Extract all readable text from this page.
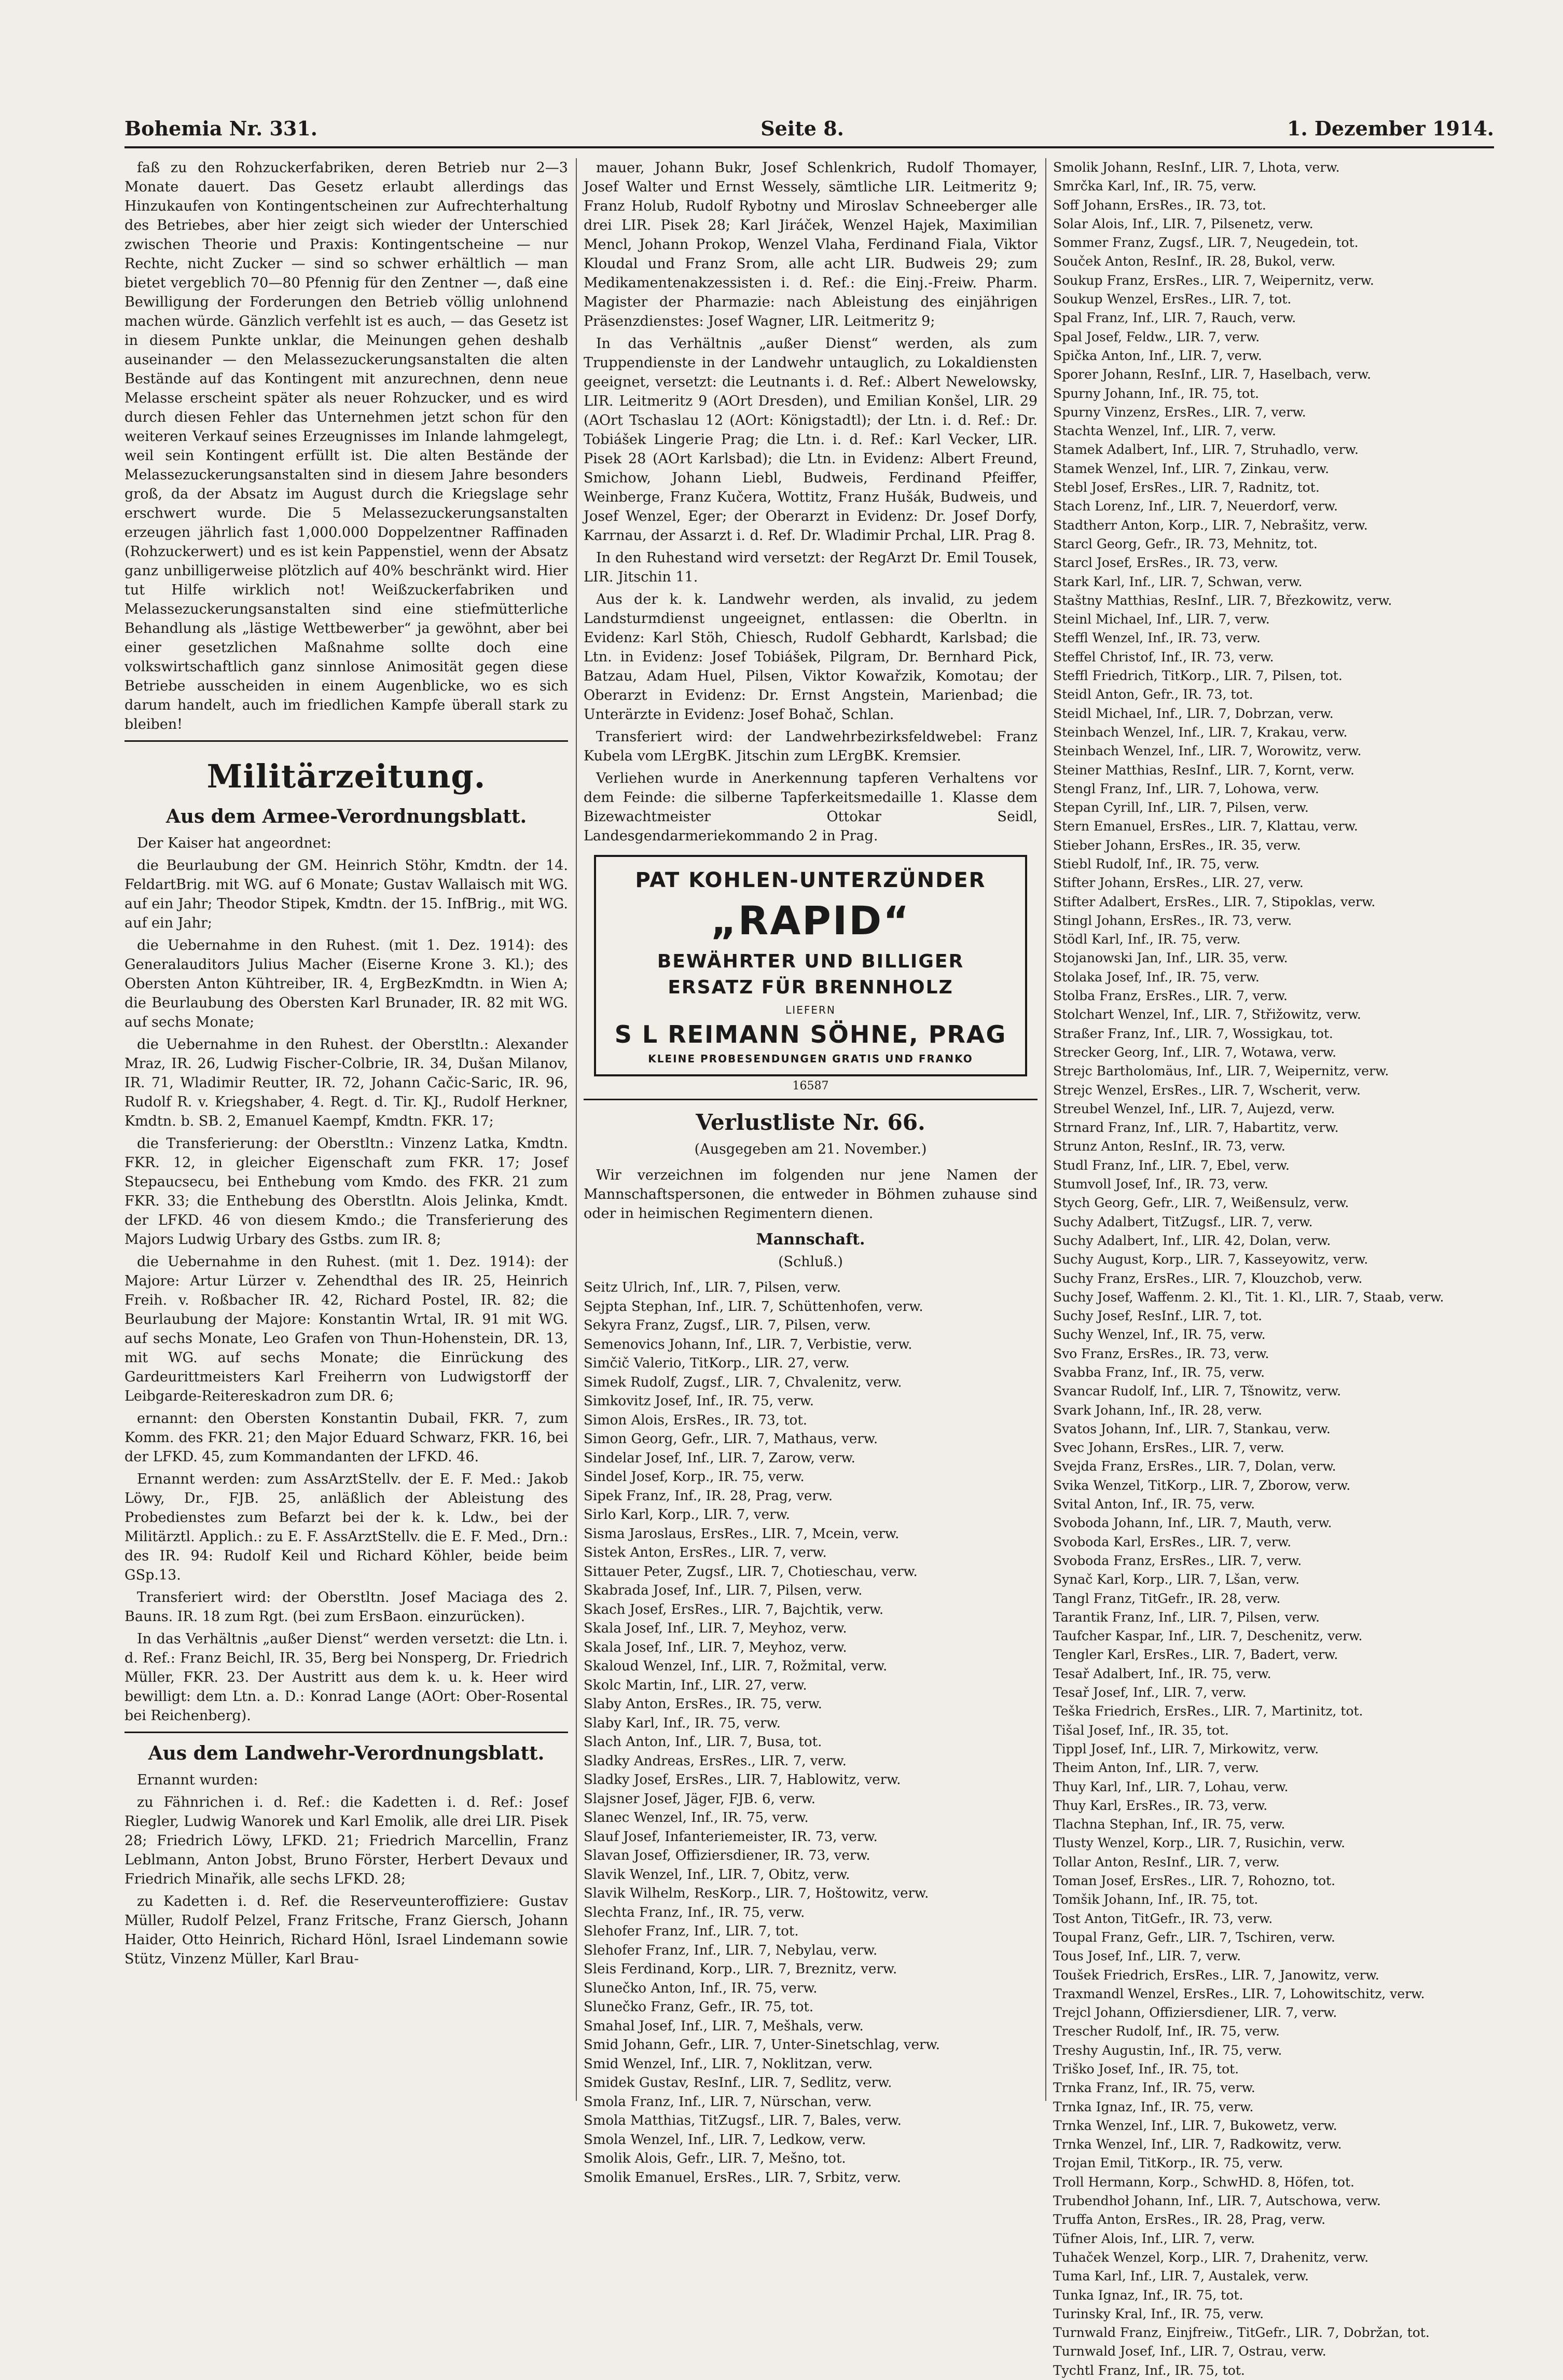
Bohemia Nr. 331.	Seite 8.	1. Dezember 1914.

faß zu den Rohzuckerfabriken, deren Betrieb nur 2—3 Monate dauert. Das Gesetz erlaubt allerdings das Hinzukaufen von Kontingentscheinen zur Aufrechterhaltung des Betriebes, aber hier zeigt sich wieder der Unterschied zwischen Theorie und Praxis: Kontingentscheine — nur Rechte, nicht Zucker — sind so schwer erhältlich — man bietet vergeblich 70—80 Pfennig für den Zentner —, daß eine Bewilligung der Forderungen den Betrieb völlig unlohnend machen würde. Gänzlich verfehlt ist es auch, — das Gesetz ist in diesem Punkte unklar, die Meinungen gehen deshalb auseinander — den Melassezuckerungsanstalten die alten Bestände auf das Kontingent mit anzurechnen, denn neue Melasse erscheint später als neuer Rohzucker, und es wird durch diesen Fehler das Unternehmen jetzt schon für den weiteren Verkauf seines Erzeugnisses im Inlande lahmgelegt, weil sein Kontingent erfüllt ist. Die alten Bestände der Melassezuckerungsanstalten sind in diesem Jahre besonders groß, da der Absatz im August durch die Kriegslage sehr erschwert wurde. Die 5 Melassezuckerungsanstalten erzeugen jährlich fast 1,000.000 Doppelzentner Raffinaden (Rohzuckerwert) und es ist kein Pappenstiel, wenn der Absatz ganz unbilligerweise plötzlich auf 40% beschränkt wird. Hier tut Hilfe wirklich not! Weißzuckerfabriken und Melassezuckerungsanstalten sind eine stiefmütterliche Behandlung als „lästige Wettbewerber“ ja gewöhnt, aber bei einer gesetzlichen Maßnahme sollte doch eine volkswirtschaftlich ganz sinnlose Animosität gegen diese Betriebe ausscheiden in einem Augenblicke, wo es sich darum handelt, auch im friedlichen Kampfe überall stark zu bleiben!

Militärzeitung.
Aus dem Armee-Verordnungsblatt.

Der Kaiser hat angeordnet:

die Beurlaubung der GM. Heinrich Stöhr, Kmdtn. der 14. FeldartBrig. mit WG. auf 6 Monate; Gustav Wallaisch mit WG. auf ein Jahr; Theodor Stipek, Kmdtn. der 15. InfBrig., mit WG. auf ein Jahr;

die Uebernahme in den Ruhest. (mit 1. Dez. 1914): des Generalauditors Julius Macher (Eiserne Krone 3. Kl.); des Obersten Anton Kühtreiber, IR. 4, ErgBezKmdtn. in Wien A; die Beurlaubung des Obersten Karl Brunader, IR. 82 mit WG. auf sechs Monate;

die Uebernahme in den Ruhest. der Oberstltn.: Alexander Mraz, IR. 26, Ludwig Fischer-Colbrie, IR. 34, Dušan Milanov, IR. 71, Wladimir Reutter, IR. 72, Johann Cačic-Saric, IR. 96, Rudolf R. v. Kriegshaber, 4. Regt. d. Tir. KJ., Rudolf Herkner, Kmdtn. b. SB. 2, Emanuel Kaempf, Kmdtn. FKR. 17;

die Transferierung: der Oberstltn.: Vinzenz Latka, Kmdtn. FKR. 12, in gleicher Eigenschaft zum FKR. 17; Josef Stepaucsecu, bei Enthebung vom Kmdo. des FKR. 21 zum FKR. 33; die Enthebung des Oberstltn. Alois Jelinka, Kmdt. der LFKD. 46 von diesem Kmdo.; die Transferierung des Majors Ludwig Urbary des Gstbs. zum IR. 8;

die Uebernahme in den Ruhest. (mit 1. Dez. 1914): der Majore: Artur Lürzer v. Zehendthal des IR. 25, Heinrich Freih. v. Roßbacher IR. 42, Richard Postel, IR. 82; die Beurlaubung der Majore: Konstantin Wrtal, IR. 91 mit WG. auf sechs Monate, Leo Grafen von Thun-Hohenstein, DR. 13, mit WG. auf sechs Monate; die Einrückung des Gardeurittmeisters Karl Freiherrn von Ludwigstorff der Leibgarde-Reitereskadron zum DR. 6;

ernannt: den Obersten Konstantin Dubail, FKR. 7, zum Komm. des FKR. 21; den Major Eduard Schwarz, FKR. 16, bei der LFKD. 45, zum Kommandanten der LFKD. 46.

Ernannt werden: zum AssArztStellv. der E. F. Med.: Jakob Löwy, Dr., FJB. 25, anläßlich der Ableistung des Probedienstes zum Befarzt bei der k. k. Ldw., bei der Militärztl. Applich.: zu E. F. AssArztStellv. die E. F. Med., Drn.: des IR. 94: Rudolf Keil und Richard Köhler, beide beim GSp.13.

Transferiert wird: der Oberstltn. Josef Maciaga des 2. Bauns. IR. 18 zum Rgt. (bei zum ErsBaon. einzurücken).

In das Verhältnis „außer Dienst“ werden versetzt: die Ltn. i. d. Ref.: Franz Beichl, IR. 35, Berg bei Nonsperg, Dr. Friedrich Müller, FKR. 23. Der Austritt aus dem k. u. k. Heer wird bewilligt: dem Ltn. a. D.: Konrad Lange (AOrt: Ober-Rosental bei Reichenberg).

Aus dem Landwehr-Verordnungsblatt.

Ernannt wurden:

zu Fähnrichen i. d. Ref.: die Kadetten i. d. Ref.: Josef Riegler, Ludwig Wanorek und Karl Emolik, alle drei LIR. Pisek 28; Friedrich Löwy, LFKD. 21; Friedrich Marcellin, Franz Leblmann, Anton Jobst, Bruno Förster, Herbert Devaux und Friedrich Minařik, alle sechs LFKD. 28;

zu Kadetten i. d. Ref. die Reserveunteroffiziere: Gustav Müller, Rudolf Pelzel, Franz Fritsche, Franz Giersch, Johann Haider, Otto Heinrich, Richard Hönl, Israel Lindemann sowie Stütz, Vinzenz Müller, Karl Brau-

mauer, Johann Bukr, Josef Schlenkrich, Rudolf Thomayer, Josef Walter und Ernst Wessely, sämtliche LIR. Leitmeritz 9; Franz Holub, Rudolf Rybotny und Miroslav Schneeberger alle drei LIR. Pisek 28; Karl Jiráček, Wenzel Hajek, Maximilian Mencl, Johann Prokop, Wenzel Vlaha, Ferdinand Fiala, Viktor Kloudal und Franz Srom, alle acht LIR. Budweis 29; zum Medikamentenakzessisten i. d. Ref.: die Einj.-Freiw. Pharm. Magister der Pharmazie: nach Ableistung des einjährigen Präsenzdienstes: Josef Wagner, LIR. Leitmeritz 9;

In das Verhältnis „außer Dienst“ werden, als zum Truppendienste in der Landwehr untauglich, zu Lokaldiensten geeignet, versetzt: die Leutnants i. d. Ref.: Albert Newelowsky, LIR. Leitmeritz 9 (AOrt Dresden), und Emilian Konšel, LIR. 29 (AOrt Tschaslau 12 (AOrt: Königstadtl); der Ltn. i. d. Ref.: Dr. Tobiášek Lingerie Prag; die Ltn. i. d. Ref.: Karl Vecker, LIR. Pisek 28 (AOrt Karlsbad); die Ltn. in Evidenz: Albert Freund, Smichow, Johann Liebl, Budweis, Ferdinand Pfeiffer, Weinberge, Franz Kučera, Wottitz, Franz Hušák, Budweis, und Josef Wenzel, Eger; der Oberarzt in Evidenz: Dr. Josef Dorfy, Karrnau, der Assarzt i. d. Ref. Dr. Wladimir Prchal, LIR. Prag 8.

In den Ruhestand wird versetzt: der RegArzt Dr. Emil Tousek, LIR. Jitschin 11.

Aus der k. k. Landwehr werden, als invalid, zu jedem Landsturmdienst ungeeignet, entlassen: die Oberltn. in Evidenz: Karl Stöh, Chiesch, Rudolf Gebhardt, Karlsbad; die Ltn. in Evidenz: Josef Tobiášek, Pilgram, Dr. Bernhard Pick, Batzau, Adam Huel, Pilsen, Viktor Kowařzik, Komotau; der Oberarzt in Evidenz: Dr. Ernst Angstein, Marienbad; die Unterärzte in Evidenz: Josef Bohač, Schlan.

Transferiert wird: der Landwehrbezirksfeldwebel: Franz Kubela vom LErgBK. Jitschin zum LErgBK. Kremsier.

Verliehen wurde in Anerkennung tapferen Verhaltens vor dem Feinde: die silberne Tapferkeitsmedaille 1. Klasse dem Bizewachtmeister Ottokar Seidl, Landesgendarmeriekommando 2 in Prag.

PAT KOHLEN-UNTERZÜNDER
„RAPID“
BEWÄHRTER UND BILLIGER
ERSATZ FÜR BRENNHOLZ
LIEFERN
S L REIMANN SÖHNE, PRAG
KLEINE PROBESENDUNGEN GRATIS UND FRANKO
16587
Verlustliste Nr. 66.
(Ausgegeben am 21. November.)

Wir verzeichnen im folgenden nur jene Namen der Mannschaftspersonen, die entweder in Böhmen zuhause sind oder in heimischen Regimentern dienen.

Mannschaft.
(Schluß.)
Seitz Ulrich, Inf., LIR. 7, Pilsen, verw.
Sejpta Stephan, Inf., LIR. 7, Schüttenhofen, verw.
Sekyra Franz, Zugsf., LIR. 7, Pilsen, verw.
Semenovics Johann, Inf., LIR. 7, Verbistie, verw.
Simčič Valerio, TitKorp., LIR. 27, verw.
Simek Rudolf, Zugsf., LIR. 7, Chvalenitz, verw.
Simkovitz Josef, Inf., IR. 75, verw.
Simon Alois, ErsRes., IR. 73, tot.
Simon Georg, Gefr., LIR. 7, Mathaus, verw.
Sindelar Josef, Inf., LIR. 7, Zarow, verw.
Sindel Josef, Korp., IR. 75, verw.
Sipek Franz, Inf., IR. 28, Prag, verw.
Sirlo Karl, Korp., LIR. 7, verw.
Sisma Jaroslaus, ErsRes., LIR. 7, Mcein, verw.
Sistek Anton, ErsRes., LIR. 7, verw.
Sittauer Peter, Zugsf., LIR. 7, Chotieschau, verw.
Skabrada Josef, Inf., LIR. 7, Pilsen, verw.
Skach Josef, ErsRes., LIR. 7, Bajchtik, verw.
Skala Josef, Inf., LIR. 7, Meyhoz, verw.
Skala Josef, Inf., LIR. 7, Meyhoz, verw.
Skaloud Wenzel, Inf., LIR. 7, Rožmital, verw.
Skolc Martin, Inf., LIR. 27, verw.
Slaby Anton, ErsRes., IR. 75, verw.
Slaby Karl, Inf., IR. 75, verw.
Slach Anton, Inf., LIR. 7, Busa, tot.
Sladky Andreas, ErsRes., LIR. 7, verw.
Sladky Josef, ErsRes., LIR. 7, Hablowitz, verw.
Slajsner Josef, Jäger, FJB. 6, verw.
Slanec Wenzel, Inf., IR. 75, verw.
Slauf Josef, Infanteriemeister, IR. 73, verw.
Slavan Josef, Offiziersdiener, IR. 73, verw.
Slavik Wenzel, Inf., LIR. 7, Obitz, verw.
Slavik Wilhelm, ResKorp., LIR. 7, Hoštowitz, verw.
Slechta Franz, Inf., IR. 75, verw.
Slehofer Franz, Inf., LIR. 7, tot.
Slehofer Franz, Inf., LIR. 7, Nebylau, verw.
Sleis Ferdinand, Korp., LIR. 7, Breznitz, verw.
Slunečko Anton, Inf., IR. 75, verw.
Slunečko Franz, Gefr., IR. 75, tot.
Smahal Josef, Inf., LIR. 7, Mešhals, verw.
Smid Johann, Gefr., LIR. 7, Unter-Sinetschlag, verw.
Smid Wenzel, Inf., LIR. 7, Noklitzan, verw.
Smidek Gustav, ResInf., LIR. 7, Sedlitz, verw.
Smola Franz, Inf., LIR. 7, Nürschan, verw.
Smola Matthias, TitZugsf., LIR. 7, Bales, verw.
Smola Wenzel, Inf., LIR. 7, Ledkow, verw.
Smolik Alois, Gefr., LIR. 7, Mešno, tot.
Smolik Emanuel, ErsRes., LIR. 7, Srbitz, verw.
Smolik Johann, ResInf., LIR. 7, Lhota, verw.
Smrčka Karl, Inf., IR. 75, verw.
Soff Johann, ErsRes., IR. 73, tot.
Solar Alois, Inf., LIR. 7, Pilsenetz, verw.
Sommer Franz, Zugsf., LIR. 7, Neugedein, tot.
Souček Anton, ResInf., IR. 28, Bukol, verw.
Soukup Franz, ErsRes., LIR. 7, Weipernitz, verw.
Soukup Wenzel, ErsRes., LIR. 7, tot.
Spal Franz, Inf., LIR. 7, Rauch, verw.
Spal Josef, Feldw., LIR. 7, verw.
Spička Anton, Inf., LIR. 7, verw.
Sporer Johann, ResInf., LIR. 7, Haselbach, verw.
Spurny Johann, Inf., IR. 75, tot.
Spurny Vinzenz, ErsRes., LIR. 7, verw.
Stachta Wenzel, Inf., LIR. 7, verw.
Stamek Adalbert, Inf., LIR. 7, Struhadlo, verw.
Stamek Wenzel, Inf., LIR. 7, Zinkau, verw.
Stebl Josef, ErsRes., LIR. 7, Radnitz, tot.
Stach Lorenz, Inf., LIR. 7, Neuerdorf, verw.
Stadtherr Anton, Korp., LIR. 7, Nebrašitz, verw.
Starcl Georg, Gefr., IR. 73, Mehnitz, tot.
Starcl Josef, ErsRes., IR. 73, verw.
Stark Karl, Inf., LIR. 7, Schwan, verw.
Staštny Matthias, ResInf., LIR. 7, Březkowitz, verw.
Steinl Michael, Inf., LIR. 7, verw.
Steffl Wenzel, Inf., IR. 73, verw.
Steffel Christof, Inf., IR. 73, verw.
Steffl Friedrich, TitKorp., LIR. 7, Pilsen, tot.
Steidl Anton, Gefr., IR. 73, tot.
Steidl Michael, Inf., LIR. 7, Dobrzan, verw.
Steinbach Wenzel, Inf., LIR. 7, Krakau, verw.
Steinbach Wenzel, Inf., LIR. 7, Worowitz, verw.
Steiner Matthias, ResInf., LIR. 7, Kornt, verw.
Stengl Franz, Inf., LIR. 7, Lohowa, verw.
Stepan Cyrill, Inf., LIR. 7, Pilsen, verw.
Stern Emanuel, ErsRes., LIR. 7, Klattau, verw.
Stieber Johann, ErsRes., IR. 35, verw.
Stiebl Rudolf, Inf., IR. 75, verw.
Stifter Johann, ErsRes., LIR. 27, verw.
Stifter Adalbert, ErsRes., LIR. 7, Stipoklas, verw.
Stingl Johann, ErsRes., IR. 73, verw.
Stödl Karl, Inf., IR. 75, verw.
Stojanowski Jan, Inf., LIR. 35, verw.
Stolaka Josef, Inf., IR. 75, verw.
Stolba Franz, ErsRes., LIR. 7, verw.
Stolchart Wenzel, Inf., LIR. 7, Střižowitz, verw.
Straßer Franz, Inf., LIR. 7, Wossigkau, tot.
Strecker Georg, Inf., LIR. 7, Wotawa, verw.
Strejc Bartholomäus, Inf., LIR. 7, Weipernitz, verw.
Strejc Wenzel, ErsRes., LIR. 7, Wscherit, verw.
Streubel Wenzel, Inf., LIR. 7, Aujezd, verw.
Strnard Franz, Inf., LIR. 7, Habartitz, verw.
Strunz Anton, ResInf., IR. 73, verw.
Studl Franz, Inf., LIR. 7, Ebel, verw.
Stumvoll Josef, Inf., IR. 73, verw.
Stych Georg, Gefr., LIR. 7, Weißensulz, verw.
Suchy Adalbert, TitZugsf., LIR. 7, verw.
Suchy Adalbert, Inf., LIR. 42, Dolan, verw.
Suchy August, Korp., LIR. 7, Kasseyowitz, verw.
Suchy Franz, ErsRes., LIR. 7, Klouzchob, verw.
Suchy Josef, Waffenm. 2. Kl., Tit. 1. Kl., LIR. 7, Staab, verw.
Suchy Josef, ResInf., LIR. 7, tot.
Suchy Wenzel, Inf., IR. 75, verw.
Svo Franz, ErsRes., IR. 73, verw.
Svabba Franz, Inf., IR. 75, verw.
Svancar Rudolf, Inf., LIR. 7, Tšnowitz, verw.
Svark Johann, Inf., IR. 28, verw.
Svatos Johann, Inf., LIR. 7, Stankau, verw.
Svec Johann, ErsRes., LIR. 7, verw.
Svejda Franz, ErsRes., LIR. 7, Dolan, verw.
Svika Wenzel, TitKorp., LIR. 7, Zborow, verw.
Svital Anton, Inf., IR. 75, verw.
Svoboda Johann, Inf., LIR. 7, Mauth, verw.
Svoboda Karl, ErsRes., LIR. 7, verw.
Svoboda Franz, ErsRes., LIR. 7, verw.
Synač Karl, Korp., LIR. 7, Lšan, verw.
Tangl Franz, TitGefr., IR. 28, verw.
Tarantik Franz, Inf., LIR. 7, Pilsen, verw.
Taufcher Kaspar, Inf., LIR. 7, Deschenitz, verw.
Tengler Karl, ErsRes., LIR. 7, Badert, verw.
Tesař Adalbert, Inf., IR. 75, verw.
Tesař Josef, Inf., LIR. 7, verw.
Teška Friedrich, ErsRes., LIR. 7, Martinitz, tot.
Tišal Josef, Inf., IR. 35, tot.
Tippl Josef, Inf., LIR. 7, Mirkowitz, verw.
Theim Anton, Inf., LIR. 7, verw.
Thuy Karl, Inf., LIR. 7, Lohau, verw.
Thuy Karl, ErsRes., IR. 73, verw.
Tlachna Stephan, Inf., IR. 75, verw.
Tlusty Wenzel, Korp., LIR. 7, Rusichin, verw.
Tollar Anton, ResInf., LIR. 7, verw.
Toman Josef, ErsRes., LIR. 7, Rohozno, tot.
Tomšik Johann, Inf., IR. 75, tot.
Tost Anton, TitGefr., IR. 73, verw.
Toupal Franz, Gefr., LIR. 7, Tschiren, verw.
Tous Josef, Inf., LIR. 7, verw.
Toušek Friedrich, ErsRes., LIR. 7, Janowitz, verw.
Traxmandl Wenzel, ErsRes., LIR. 7, Lohowitschitz, verw.
Trejcl Johann, Offiziersdiener, LIR. 7, verw.
Trescher Rudolf, Inf., IR. 75, verw.
Treshy Augustin, Inf., IR. 75, verw.
Triško Josef, Inf., IR. 75, tot.
Trnka Franz, Inf., IR. 75, verw.
Trnka Ignaz, Inf., IR. 75, verw.
Trnka Wenzel, Inf., LIR. 7, Bukowetz, verw.
Trnka Wenzel, Inf., LIR. 7, Radkowitz, verw.
Trojan Emil, TitKorp., IR. 75, verw.
Troll Hermann, Korp., SchwHD. 8, Höfen, tot.
Trubendhoł Johann, Inf., LIR. 7, Autschowa, verw.
Truffa Anton, ErsRes., IR. 28, Prag, verw.
Tüfner Alois, Inf., LIR. 7, verw.
Tuhaček Wenzel, Korp., LIR. 7, Drahenitz, verw.
Tuma Karl, Inf., LIR. 7, Austalek, verw.
Tunka Ignaz, Inf., IR. 75, tot.
Turinsky Kral, Inf., IR. 75, verw.
Turnwald Franz, Einjfreiw., TitGefr., LIR. 7, Dobržan, tot.
Turnwald Josef, Inf., LIR. 7, Ostrau, verw.
Tychtl Franz, Inf., IR. 75, tot.
